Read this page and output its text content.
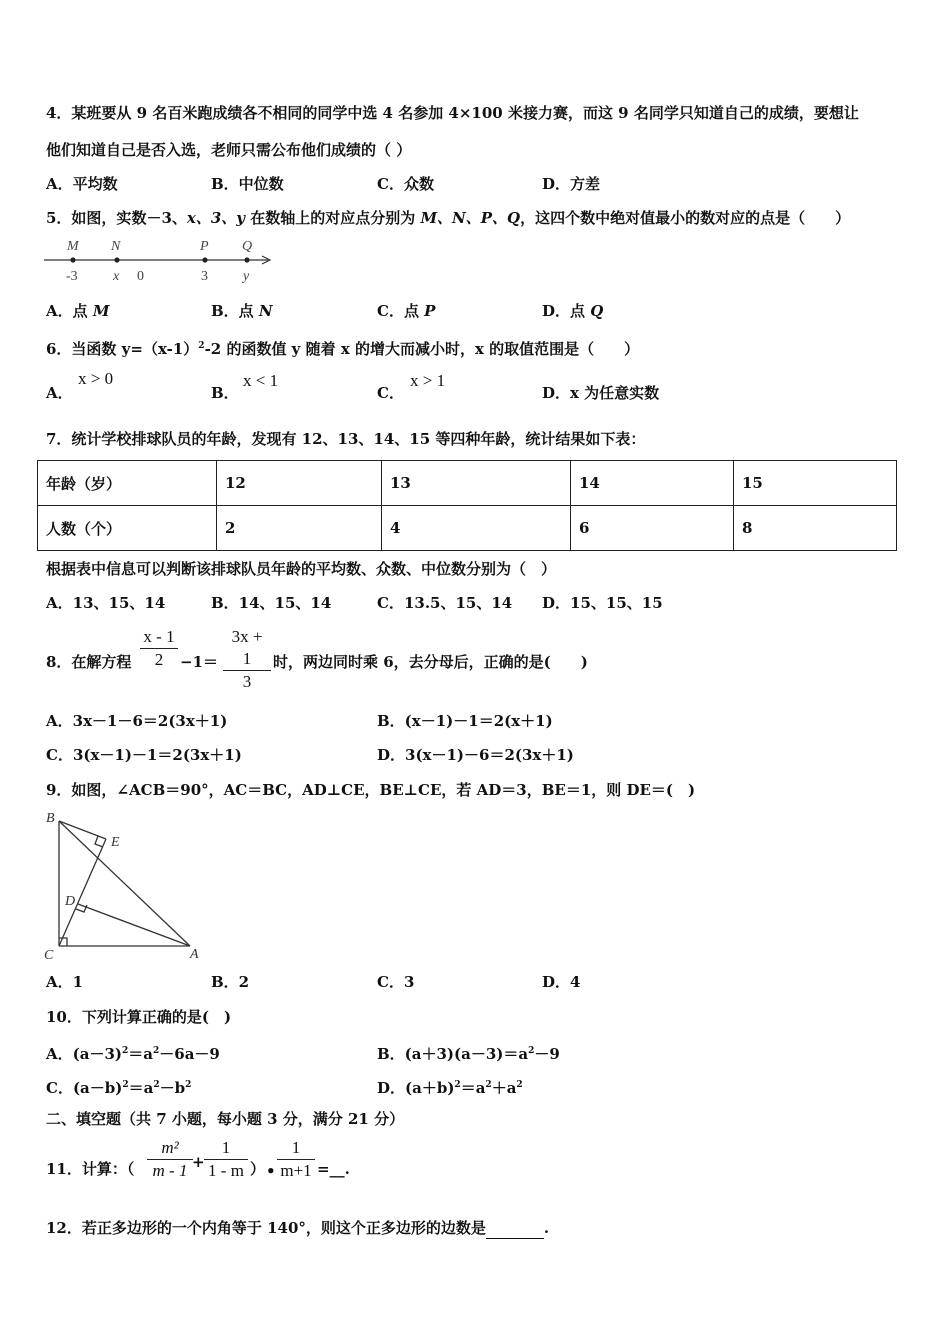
4．某班要从 9 名百米跑成绩各不相同的同学中选 4 名参加 4×100 米接力赛，而这 9 名同学只知道自己的成绩，要想让
他们知道自己是否入选，老师只需公布他们成绩的（ ）
A．平均数	B．中位数	C．众数	D．方差
5．如图，实数－3、x、3、y 在数轴上的对应点分别为 M、N、P、Q，这四个数中绝对值最小的数对应的点是（　　）
M N	P Q
-3	x 0	3	y
A．点 M	B．点 N	C．点 P	D．点 Q
6．当函数 $y=(x-1)^2-2$ 的函数值 y 随着 x 的增大而减小时，x 的取值范围是（　　）
A．
x > 0
B．
x < 1
C．
x > 1
D．x 为任意实数
7．统计学校排球队员的年龄，发现有 12、13、14、15 等四种年龄，统计结果如下表：
年龄（岁）	12	13	14	15
人数（个）	2	4	6	8
根据表中信息可以判断该排球队员年龄的平均数、众数、中位数分别为（　）
A．13、15、14	B．14、15、14	C．13.5、15、14 D．15、15、15
8．在解方程 $\frac{x - 1}{2} -1= \frac{3x + 1}{3}$ 时，两边同时乘 6，去分母后，正确的是(　　)
A．3x－1－6＝2(3x＋1)	B．(x－1)－1＝2(x＋1)
C．3(x－1)－1＝2(3x＋1)	D．3(x－1)－6＝2(3x＋1)
9．如图，∠ACB＝90°，AC＝BC，AD⊥CE，BE⊥CE，若 AD＝3，BE＝1，则 DE＝(　)
B
E
D
C	A
A．1	B．2	C．3	D．4
10．下列计算正确的是(　)
A．$(a-3)^2=a^2-6a-9$	B．$(a+3)(a-3)=a^2-9$
C．$(a-b)^2=a^2-b^2$	D．$(a+b)^2=a^2+a^2$
二、填空题（共 7 小题，每小题 3 分，满分 21 分）
11．计算：（ $\frac{\text{m²}}{m - 1} + \frac{1}{1 - m}$ ） • $\frac{1}{m+1}$ =__.
12．若正多边形的一个内角等于 140°，则这个正多边形的边数是	.
